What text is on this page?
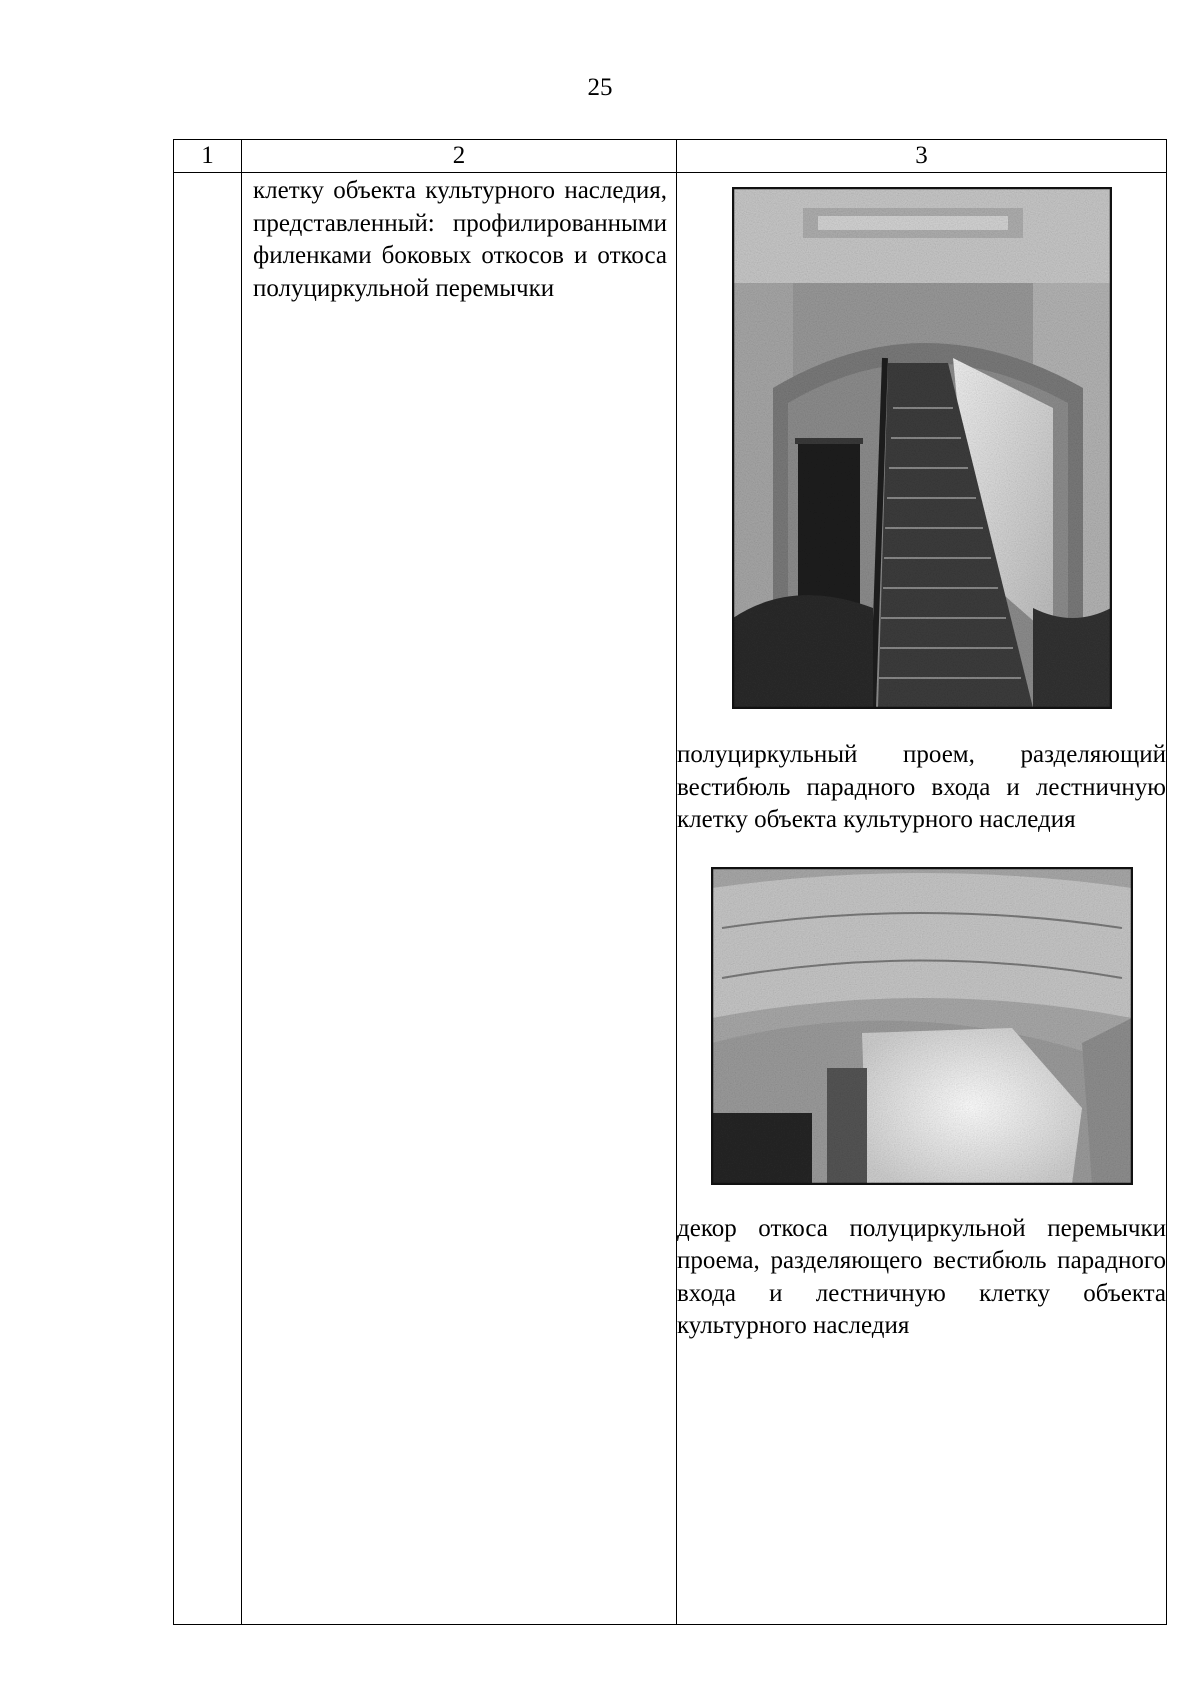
25
1	2	3

	клетку объекта культурного наследия, представленный: профилированными филенками боковых откосов и откоса полуциркульной перемычки	полуциркульный проем, разделяющий вестибюль парадного входа и лестничную клетку объекта культурного наследия
декор откоса полуциркульной перемычки проема, разделяющего вестибюль парадного входа и лестничную клетку объекта культурного наследия
